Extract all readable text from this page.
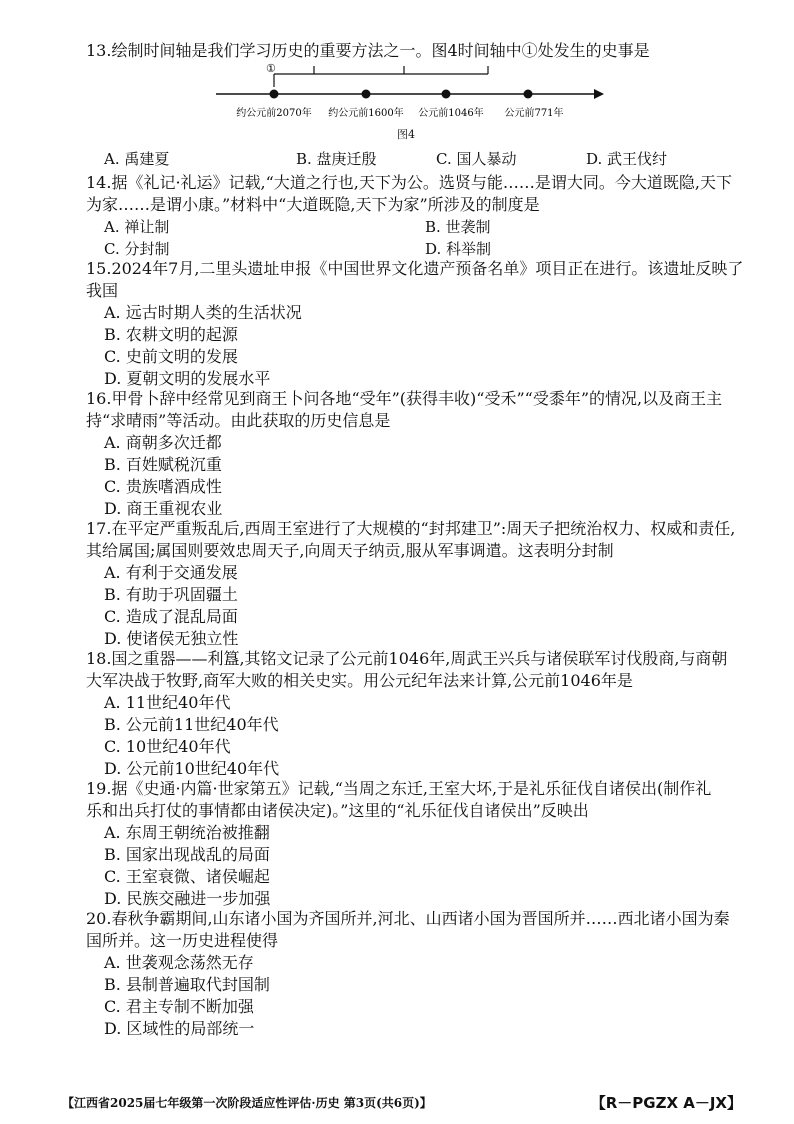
13.绘制时间轴是我们学习历史的重要方法之一。图4时间轴中①处发生的史事是
①
约公元前2070年 约公元前1600年 公元前1046年 公元前771年
图4
A. 禹建夏	B. 盘庚迁殷	C. 国人暴动	D. 武王伐纣
14.据《礼记·礼运》记载,“大道之行也,天下为公。选贤与能……是谓大同。今大道既隐,天下
为家……是谓小康。”材料中“大道既隐,天下为家”所涉及的制度是
A. 禅让制	B. 世袭制
C. 分封制	D. 科举制
15.2024年7月,二里头遗址申报《中国世界文化遗产预备名单》项目正在进行。该遗址反映了
我国
A. 远古时期人类的生活状况
B. 农耕文明的起源
C. 史前文明的发展
D. 夏朝文明的发展水平
16.甲骨卜辞中经常见到商王卜问各地“受年”(获得丰收)“受禾”“受黍年”的情况,以及商王主
持“求晴雨”等活动。由此获取的历史信息是
A. 商朝多次迁都
B. 百姓赋税沉重
C. 贵族嗜酒成性
D. 商王重视农业
17.在平定严重叛乱后,西周王室进行了大规模的“封邦建卫”:周天子把统治权力、权威和责任,
其给属国;属国则要效忠周天子,向周天子纳贡,服从军事调遣。这表明分封制
A. 有利于交通发展
B. 有助于巩固疆土
C. 造成了混乱局面
D. 使诸侯无独立性
18.国之重器——利簋,其铭文记录了公元前1046年,周武王兴兵与诸侯联军讨伐殷商,与商朝
大军决战于牧野,商军大败的相关史实。用公元纪年法来计算,公元前1046年是
A. 11世纪40年代
B. 公元前11世纪40年代
C. 10世纪40年代
D. 公元前10世纪40年代
19.据《史通·内篇·世家第五》记载,“当周之东迁,王室大坏,于是礼乐征伐自诸侯出(制作礼
乐和出兵打仗的事情都由诸侯决定)。”这里的“礼乐征伐自诸侯出”反映出
A. 东周王朝统治被推翻
B. 国家出现战乱的局面
C. 王室衰微、诸侯崛起
D. 民族交融进一步加强
20.春秋争霸期间,山东诸小国为齐国所并,河北、山西诸小国为晋国所并……西北诸小国为秦
国所并。这一历史进程使得
A. 世袭观念荡然无存
B. 县制普遍取代封国制
C. 君主专制不断加强
D. 区域性的局部统一
【江西省2025届七年级第一次阶段适应性评估·历史 第3页(共6页)】	【R－PGZX A－JX】
